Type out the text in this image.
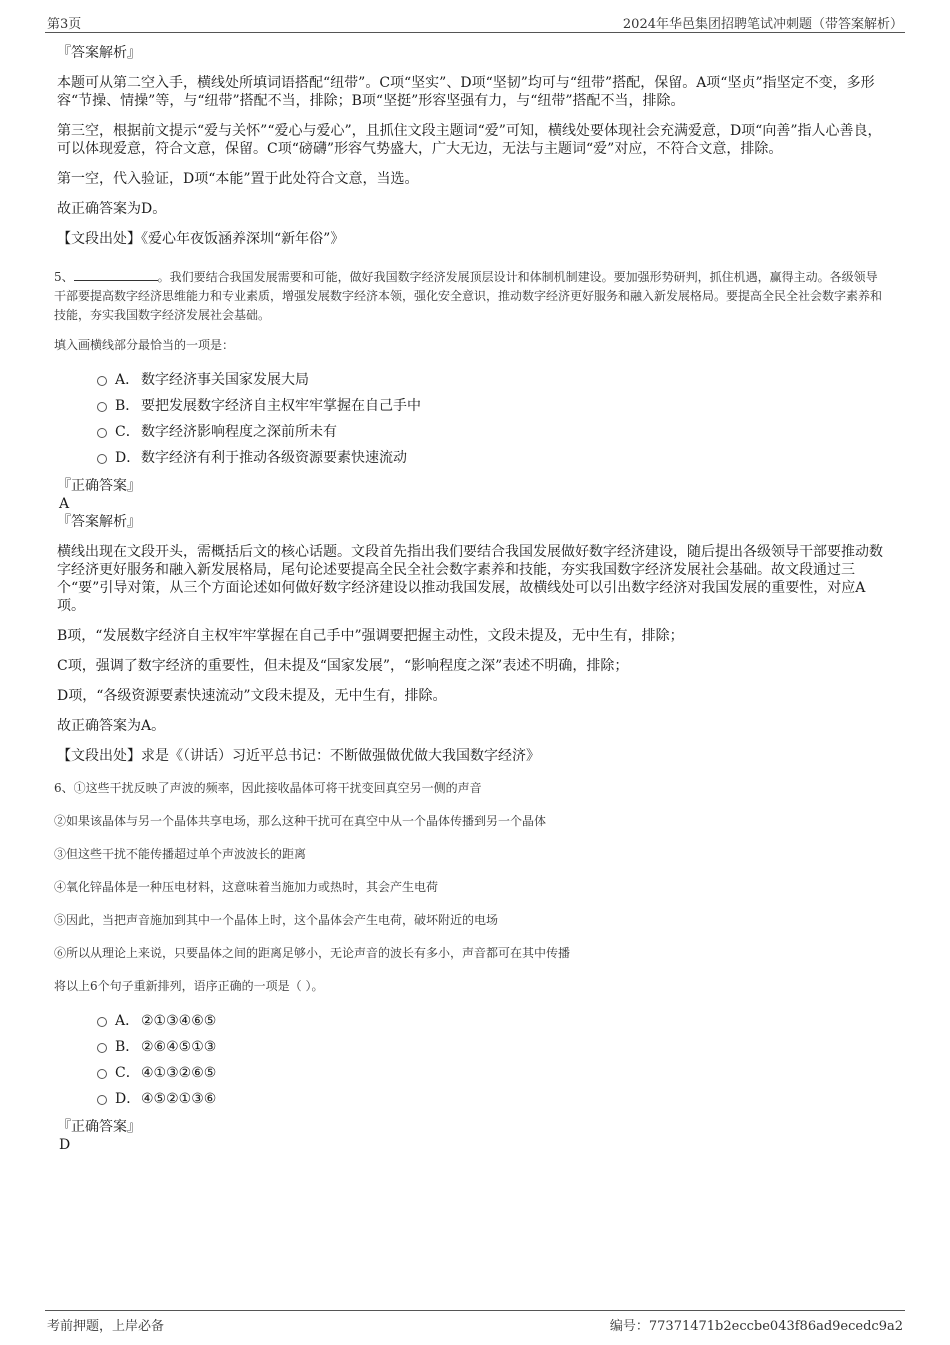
第3页	2024年华邑集团招聘笔试冲刺题（带答案解析）

『答案解析』

本题可从第二空入手，横线处所填词语搭配“纽带”。C项“坚实”、D项“坚韧”均可与“纽带”搭配，保留。A项“坚贞”指坚定不变，多形容“节操、情操”等，与“纽带”搭配不当，排除；B项“坚挺”形容坚强有力，与“纽带”搭配不当，排除。

第三空，根据前文提示“爱与关怀”“爱心与爱心”，且抓住文段主题词“爱”可知，横线处要体现社会充满爱意，D项“向善”指人心善良，可以体现爱意，符合文意，保留。C项“磅礴”形容气势盛大，广大无边，无法与主题词“爱”对应，不符合文意，排除。

第一空，代入验证，D项“本能”置于此处符合文意，当选。

故正确答案为D。

【文段出处】《爱心年夜饭涵养深圳“新年俗”》

5、	。我们要结合我国发展需要和可能，做好我国数字经济发展顶层设计和体制机制建设。要加强形势研判，抓住机遇，赢得主动。各级领导干部要提高数字经济思维能力和专业素质，增强发展数字经济本领，强化安全意识，推动数字经济更好服务和融入新发展格局。要提高全民全社会数字素养和技能，夯实我国数字经济发展社会基础。

填入画横线部分最恰当的一项是：

A． 数字经济事关国家发展大局
B． 要把发展数字经济自主权牢牢掌握在自己手中
C．数字经济影响程度之深前所未有
D．数字经济有利于推动各级资源要素快速流动

『正确答案』

A

『答案解析』

横线出现在文段开头，需概括后文的核心话题。文段首先指出我们要结合我国发展做好数字经济建设，随后提出各级领导干部要推动数字经济更好服务和融入新发展格局，尾句论述要提高全民全社会数字素养和技能，夯实我国数字经济发展社会基础。故文段通过三个“要”引导对策，从三个方面论述如何做好数字经济建设以推动我国发展，故横线处可以引出数字经济对我国发展的重要性，对应A项。

B项，“发展数字经济自主权牢牢掌握在自己手中”强调要把握主动性，文段未提及，无中生有，排除；

C项，强调了数字经济的重要性，但未提及“国家发展”，“影响程度之深”表述不明确，排除；

D项，“各级资源要素快速流动”文段未提及，无中生有，排除。

故正确答案为A。

【文段出处】求是《（讲话）习近平总书记：不断做强做优做大我国数字经济》

6、①这些干扰反映了声波的频率，因此接收晶体可将干扰变回真空另一侧的声音

②如果该晶体与另一个晶体共享电场，那么这种干扰可在真空中从一个晶体传播到另一个晶体

③但这些干扰不能传播超过单个声波波长的距离

④氧化锌晶体是一种压电材料，这意味着当施加力或热时，其会产生电荷

⑤因此，当把声音施加到其中一个晶体上时，这个晶体会产生电荷，破坏附近的电场

⑥所以从理论上来说，只要晶体之间的距离足够小，无论声音的波长有多小，声音都可在其中传播

将以上6个句子重新排列，语序正确的一项是（ ）。

A． ②①③④⑥⑤
B． ②⑥④⑤①③
C．④①③②⑥⑤
D．④⑤②①③⑥

『正确答案』

D

考前押题，上岸必备	编号：77371471b2eccbe043f86ad9ecedc9a2
